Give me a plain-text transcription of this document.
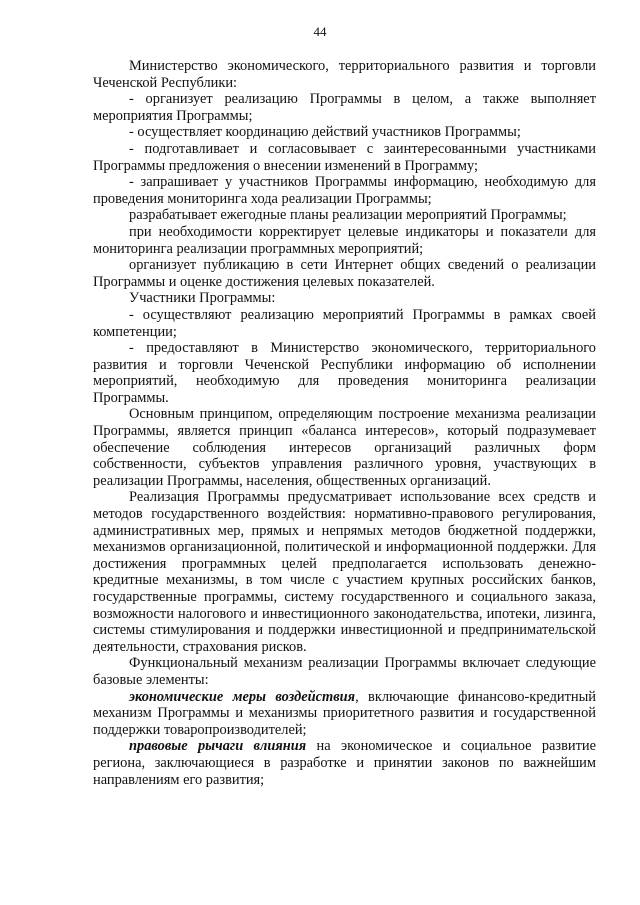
44

Министерство экономического, территориального развития и торговли Чеченской Республики:

- организует реализацию Программы в целом, а также выполняет мероприятия Программы;

- осуществляет координацию действий участников Программы;

- подготавливает и согласовывает с заинтересованными участниками Программы предложения о внесении изменений в Программу;

- запрашивает у участников Программы информацию, необходимую для проведения мониторинга хода реализации Программы;

разрабатывает ежегодные планы реализации мероприятий Программы;

при необходимости корректирует целевые индикаторы и показатели для мониторинга реализации программных мероприятий;

организует публикацию в сети Интернет общих сведений о реализации Программы и оценке достижения целевых показателей.

Участники Программы:

- осуществляют реализацию мероприятий Программы в рамках своей компетенции;

- предоставляют в Министерство экономического, территориального развития и торговли Чеченской Республики информацию об исполнении мероприятий, необходимую для проведения мониторинга реализации Программы.

Основным принципом, определяющим построение механизма реализации Программы, является принцип «баланса интересов», который подразумевает обеспечение соблюдения интересов организаций различных форм собственности, субъектов управления различного уровня, участвующих в реализации Программы, населения, общественных организаций.

Реализация Программы предусматривает использование всех средств и методов государственного воздействия: нормативно-правового регулирования, административных мер, прямых и непрямых методов бюджетной поддержки, механизмов организационной, политической и информационной поддержки. Для достижения программных целей предполагается использовать денежно-кредитные механизмы, в том числе с участием крупных российских банков, государственные программы, систему государственного и социального заказа, возможности налогового и инвестиционного законодательства, ипотеки, лизинга, системы стимулирования и поддержки инвестиционной и предпринимательской деятельности, страхования рисков.

Функциональный механизм реализации Программы включает следующие базовые элементы:

экономические меры воздействия, включающие финансово-кредитный механизм Программы и механизмы приоритетного развития и государственной поддержки товаропроизводителей;

правовые рычаги влияния на экономическое и социальное развитие региона, заключающиеся в разработке и принятии законов по важнейшим направлениям его развития;
